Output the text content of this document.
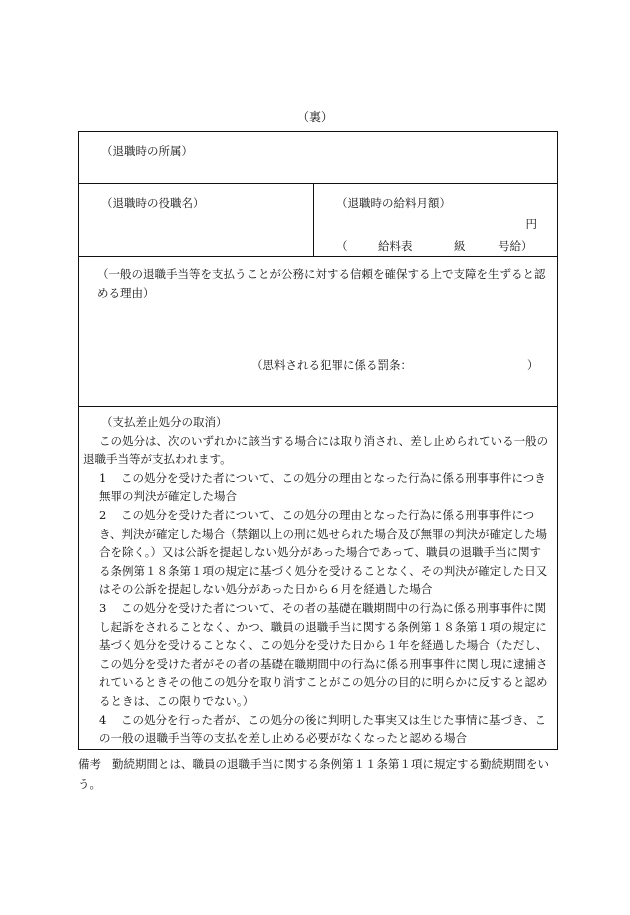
（裏）
（退職時の所属）
（退職時の役職名）	（退職時の給料月額）
円
（	給料表	級	号給）
（一般の退職手当等を支払うことが公務に対する信頼を確保する上で支障を生ずると認める理由）
（思料される犯罪に係る罰条：	）

（支払差止処分の取消）

この処分は、次のいずれかに該当する場合には取り消され、差し止められている一般の退職手当等が支払われます。

1 この処分を受けた者について、この処分の理由となった行為に係る刑事事件につき無罪の判決が確定した場合

2 この処分を受けた者について、この処分の理由となった行為に係る刑事事件につき、判決が確定した場合（禁錮以上の刑に処せられた場合及び無罪の判決が確定した場合を除く。）又は公訴を提起しない処分があった場合であって、職員の退職手当に関する条例第１８条第１項の規定に基づく処分を受けることなく、その判決が確定した日又はその公訴を提起しない処分があった日から６月を経過した場合

3 この処分を受けた者について、その者の基礎在職期間中の行為に係る刑事事件に関し起訴をされることなく、かつ、職員の退職手当に関する条例第１８条第１項の規定に基づく処分を受けることなく、この処分を受けた日から１年を経過した場合（ただし、この処分を受けた者がその者の基礎在職期間中の行為に係る刑事事件に関し現に逮捕されているときその他この処分を取り消すことがこの処分の目的に明らかに反すると認めるときは、この限りでない。）

4 この処分を行った者が、この処分の後に判明した事実又は生じた事情に基づき、この一般の退職手当等の支払を差し止める必要がなくなったと認める場合

備考 勤続期間とは、職員の退職手当に関する条例第１１条第１項に規定する勤続期間をいう。
